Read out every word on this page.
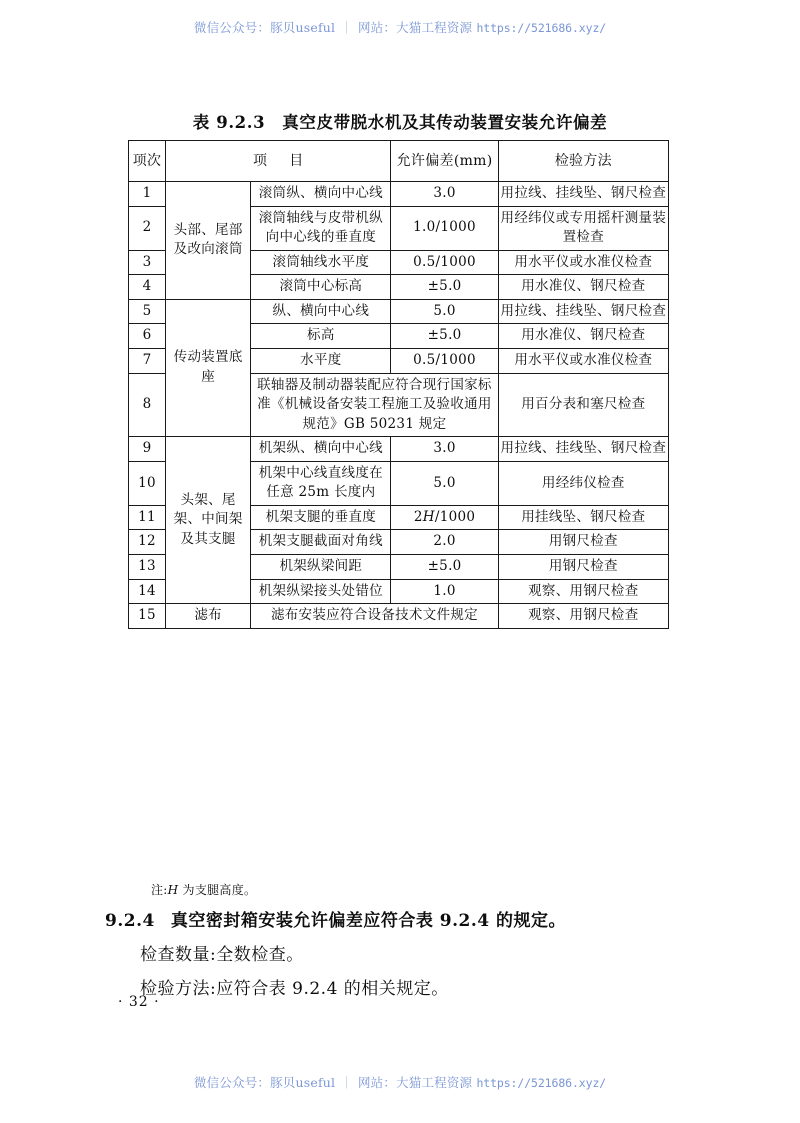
微信公众号：豚贝useful ｜ 网站：大猫工程资源 https://521686.xyz/
表 9.2.3　真空皮带脱水机及其传动装置安装允许偏差
项次	项 目		允许偏差(mm)	检验方法
1	头部、尾部及改向滚筒	滚筒纵、横向中心线	3.0	用拉线、挂线坠、钢尺检查
2		滚筒轴线与皮带机纵向中心线的垂直度	1.0/1000	用经纬仪或专用摇杆测量装置检查
3		滚筒轴线水平度	0.5/1000	用水平仪或水准仪检查
4		滚筒中心标高	±5.0	用水准仪、钢尺检查
5	传动装置底座	纵、横向中心线	5.0	用拉线、挂线坠、钢尺检查
6		标高	±5.0	用水准仪、钢尺检查
7		水平度	0.5/1000	用水平仪或水准仪检查
8		联轴器及制动器装配应符合现行国家标准《机械设备安装工程施工及验收通用规范》GB 50231 规定		用百分表和塞尺检查
9	头架、尾架、中间架及其支腿	机架纵、横向中心线	3.0	用拉线、挂线坠、钢尺检查
10		机架中心线直线度在任意 25m 长度内	5.0	用经纬仪检查
11		机架支腿的垂直度	2H/1000	用挂线坠、钢尺检查
12		机架支腿截面对角线	2.0	用钢尺检查
13		机架纵梁间距	±5.0	用钢尺检查
14		机架纵梁接头处错位	1.0	观察、用钢尺检查
15	滤布	滤布安装应符合设备技术文件规定		观察、用钢尺检查
注:H 为支腿高度。
9.2.4 真空密封箱安装允许偏差应符合表 9.2.4 的规定。
检查数量:全数检查。
检验方法:应符合表 9.2.4 的相关规定。
· 32 ·
微信公众号：豚贝useful ｜ 网站：大猫工程资源 https://521686.xyz/
